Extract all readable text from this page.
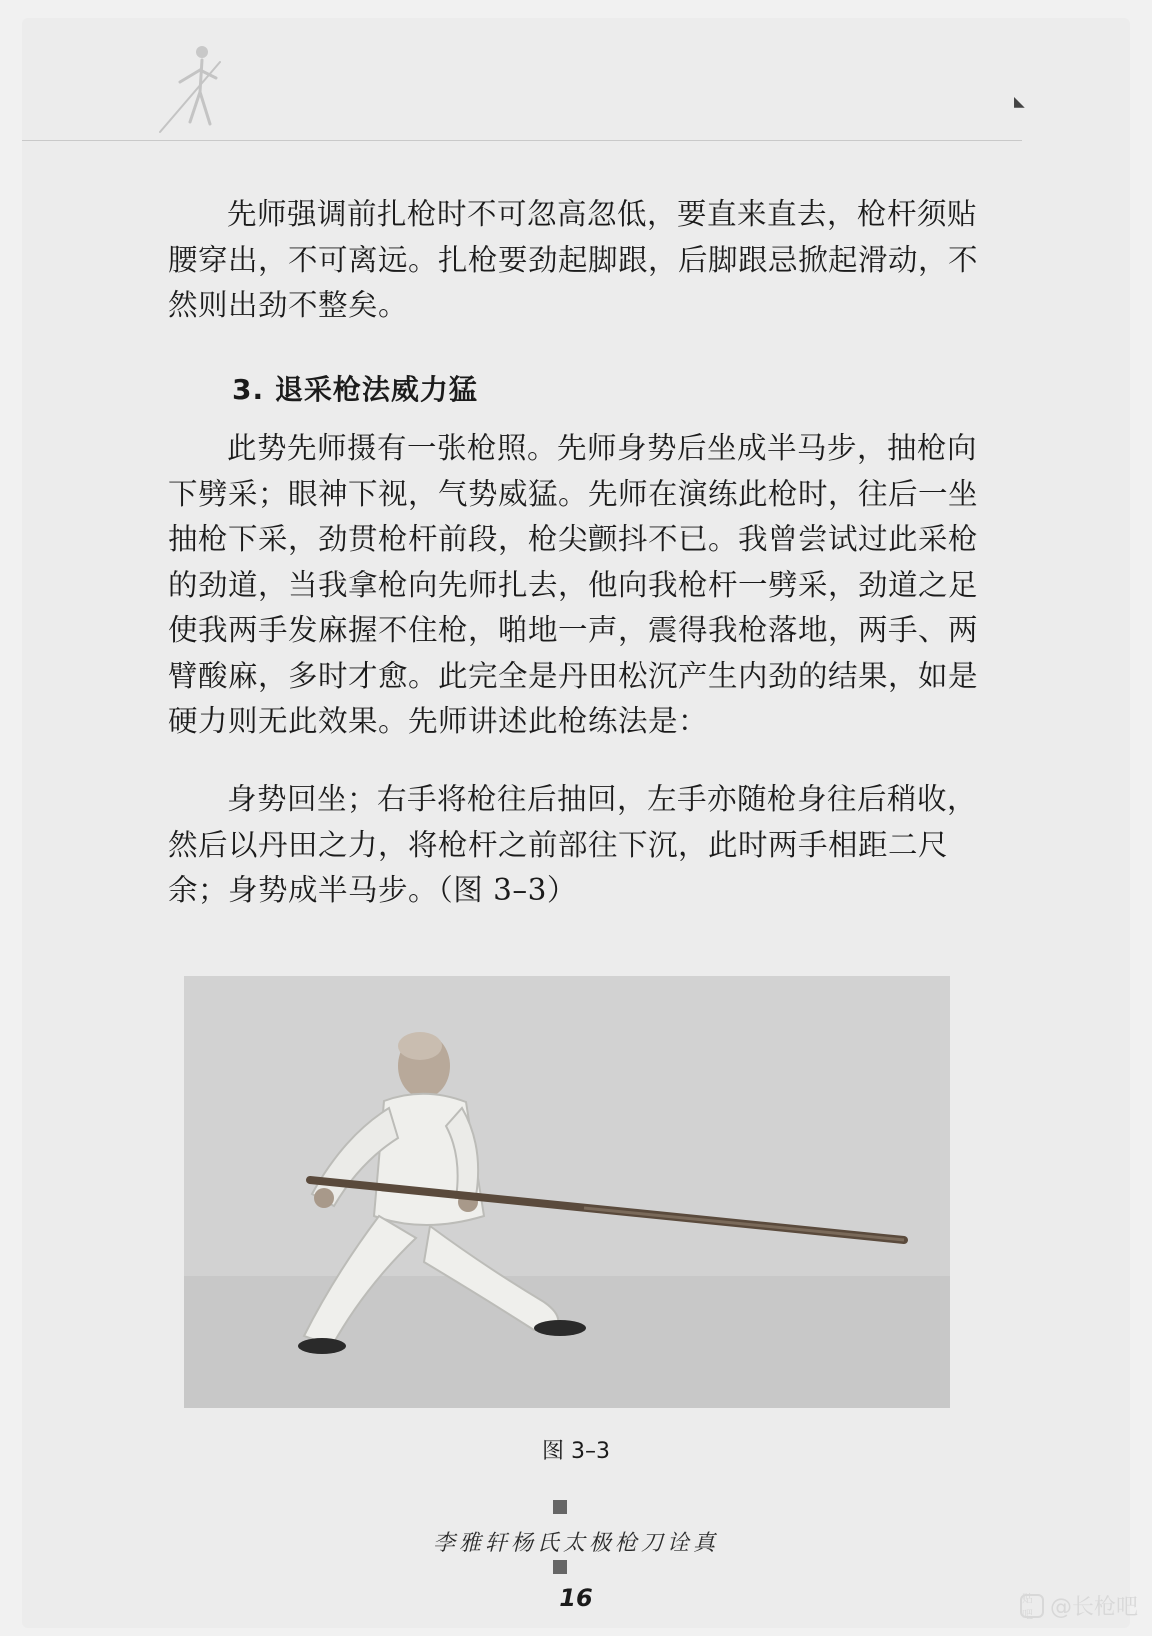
◣

先师强调前扎枪时不可忽高忽低，要直来直去，枪杆须贴腰穿出，不可离远。扎枪要劲起脚跟，后脚跟忌掀起滑动，不然则出劲不整矣。

3. 退采枪法威力猛

此势先师摄有一张枪照。先师身势后坐成半马步，抽枪向下劈采；眼神下视，气势威猛。先师在演练此枪时，往后一坐抽枪下采，劲贯枪杆前段，枪尖颤抖不已。我曾尝试过此采枪的劲道，当我拿枪向先师扎去，他向我枪杆一劈采，劲道之足使我两手发麻握不住枪，啪地一声，震得我枪落地，两手、两臂酸麻，多时才愈。此完全是丹田松沉产生内劲的结果，如是硬力则无此效果。先师讲述此枪练法是：

身势回坐；右手将枪往后抽回，左手亦随枪身往后稍收，然后以丹田之力，将枪杆之前部往下沉，此时两手相距二尺余；身势成半马步。（图 3–3）

图 3–3

李雅轩杨氏太极枪刀诠真

16	贴吧 @长枪吧
